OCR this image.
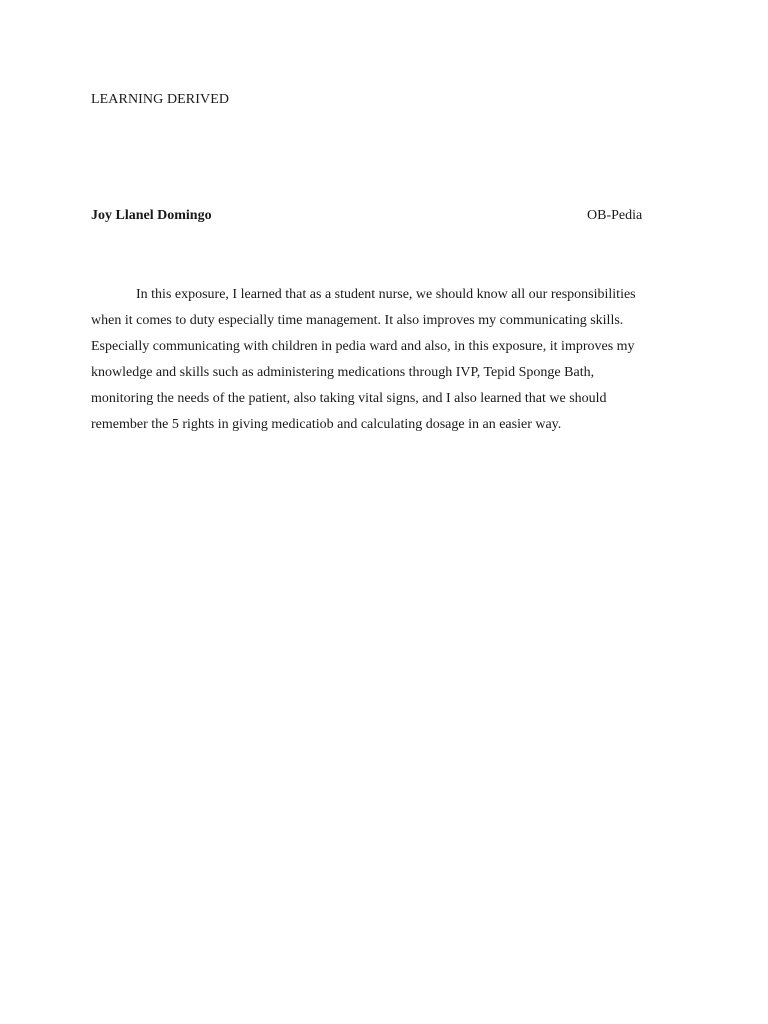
LEARNING DERIVED
Joy Llanel Domingo	OB-Pedia
In this exposure, I learned that as a student nurse, we should know all our responsibilities
when it comes to duty especially time management. It also improves my communicating skills.
Especially communicating with children in pedia ward and also, in this exposure, it improves my
knowledge and skills such as administering medications through IVP, Tepid Sponge Bath,
monitoring the needs of the patient, also taking vital signs, and I also learned that we should
remember the 5 rights in giving medicatiob and calculating dosage in an easier way.
